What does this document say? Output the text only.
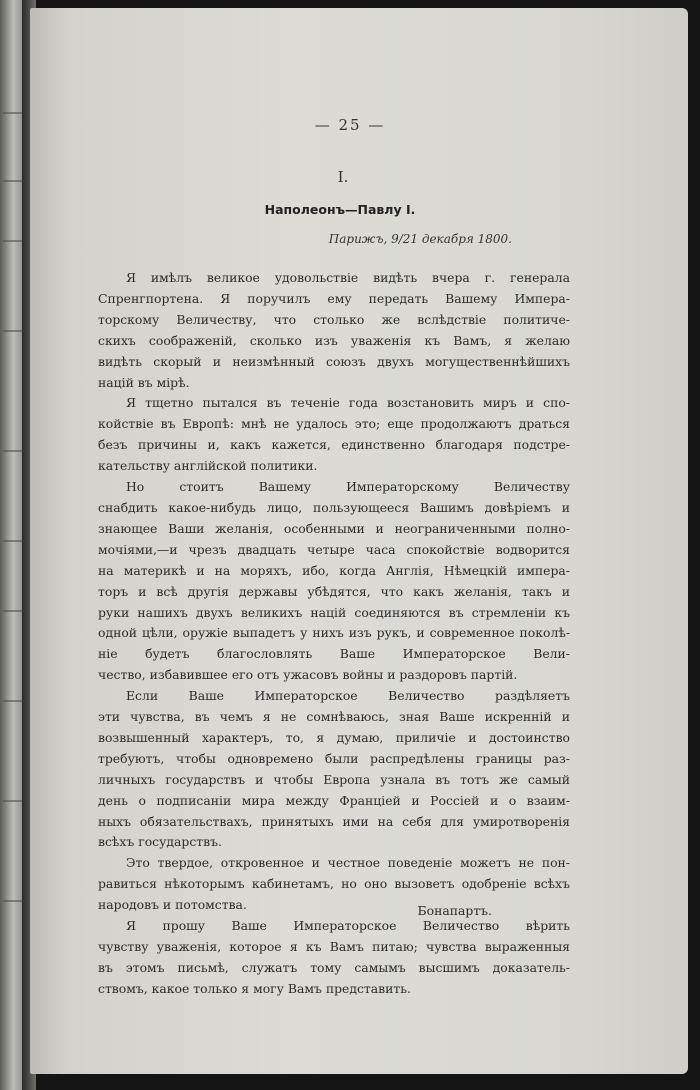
— 25 —
I.
Наполеонъ—Павлу I.
Парижъ, 9/21 декабря 1800.
Я имѣлъ великое удовольствіе видѣть вчера г. генерала
Спренгпортена. Я поручилъ ему передать Вашему Импера-
торскому Величеству, что столько же вслѣдствіе политиче-
скихъ соображеній, сколько изъ уваженія къ Вамъ, я желаю
видѣть скорый и неизмѣнный союзъ двухъ могущественнѣйшихъ
націй въ мірѣ.
Я тщетно пытался въ теченіе года возстановить миръ и спо-
койствіе въ Европѣ: мнѣ не удалось это; еще продолжаютъ драться
безъ причины и, какъ кажется, единственно благодаря подстре-
кательству англійской политики.
Но стоитъ Вашему Императорскому Величеству
снабдить какое-нибудь лицо, пользующееся Вашимъ довѣріемъ и
знающее Ваши желанія, особенными и неограниченными полно-
мочіями,—и чрезъ двадцать четыре часа спокойствіе водворится
на материкѣ и на моряхъ, ибо, когда Англія, Нѣмецкій импера-
торъ и всѣ другія державы убѣдятся, что какъ желанія, такъ и
руки нашихъ двухъ великихъ націй соединяются въ стремленіи къ
одной цѣли, оружіе выпадетъ у нихъ изъ рукъ, и современное поколѣ-
ніе будетъ благословлять Ваше Императорское Вели-
чество, избавившее его отъ ужасовъ войны и раздоровъ партій.
Если Ваше Императорское Величество раздѣляетъ
эти чувства, въ чемъ я не сомнѣваюсь, зная Ваше искренній и
возвышенный характеръ, то, я думаю, приличіе и достоинство
требуютъ, чтобы одновремено были распредѣлены границы раз-
личныхъ государствъ и чтобы Европа узнала въ тотъ же самый
день о подписаніи мира между Франціей и Россіей и о взаим-
ныхъ обязательствахъ, принятыхъ ими на себя для умиротворенія
всѣхъ государствъ.
Это твердое, откровенное и честное поведеніе можетъ не пон-
равиться нѣкоторымъ кабинетамъ, но оно вызоветъ одобреніе всѣхъ
народовъ и потомства.
Я прошу Ваше Императорское Величество вѣрить
чувству уваженія, которое я къ Вамъ питаю; чувства выраженныя
въ этомъ письмѣ, служатъ тому самымъ высшимъ доказатель-
ствомъ, какое только я могу Вамъ представить.
Бонапартъ.
